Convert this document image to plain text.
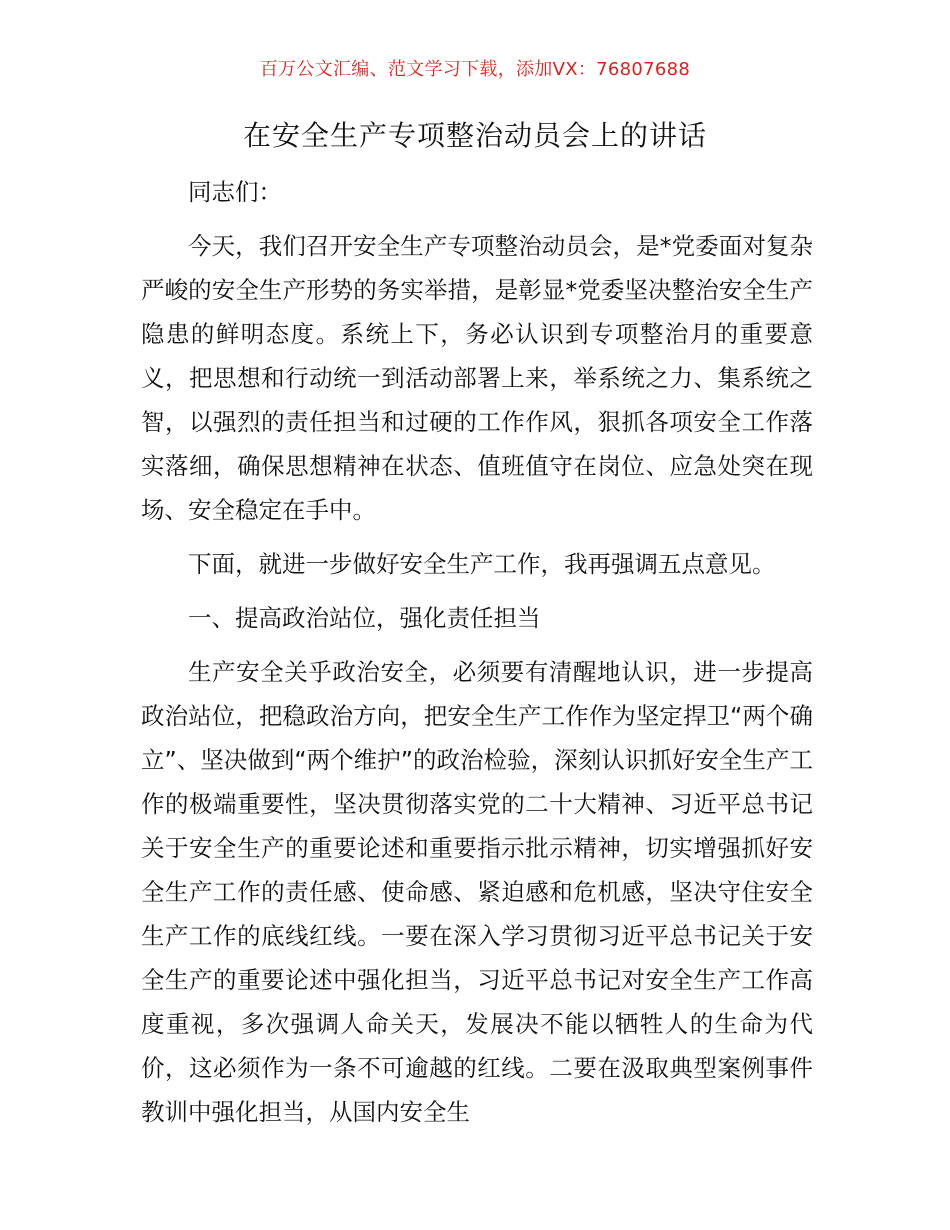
百万公文汇编、范文学习下载，添加VX：76807688
在安全生产专项整治动员会上的讲话

同志们：

今天，我们召开安全生产专项整治动员会，是*党委面对复杂严峻的安全生产形势的务实举措，是彰显*党委坚决整治安全生产隐患的鲜明态度。系统上下，务必认识到专项整治月的重要意义，把思想和行动统一到活动部署上来，举系统之力、集系统之智，以强烈的责任担当和过硬的工作作风，狠抓各项安全工作落实落细，确保思想精神在状态、值班值守在岗位、应急处突在现场、安全稳定在手中。

下面，就进一步做好安全生产工作，我再强调五点意见。

一、提高政治站位，强化责任担当

生产安全关乎政治安全，必须要有清醒地认识，进一步提高政治站位，把稳政治方向，把安全生产工作作为坚定捍卫“两个确立”、坚决做到“两个维护”的政治检验，深刻认识抓好安全生产工作的极端重要性，坚决贯彻落实党的二十大精神、习近平总书记关于安全生产的重要论述和重要指示批示精神，切实增强抓好安全生产工作的责任感、使命感、紧迫感和危机感，坚决守住安全生产工作的底线红线。一要在深入学习贯彻习近平总书记关于安全生产的重要论述中强化担当，习近平总书记对安全生产工作高度重视，多次强调人命关天，发展决不能以牺牲人的生命为代价，这必须作为一条不可逾越的红线。二要在汲取典型案例事件教训中强化担当，从国内安全生
